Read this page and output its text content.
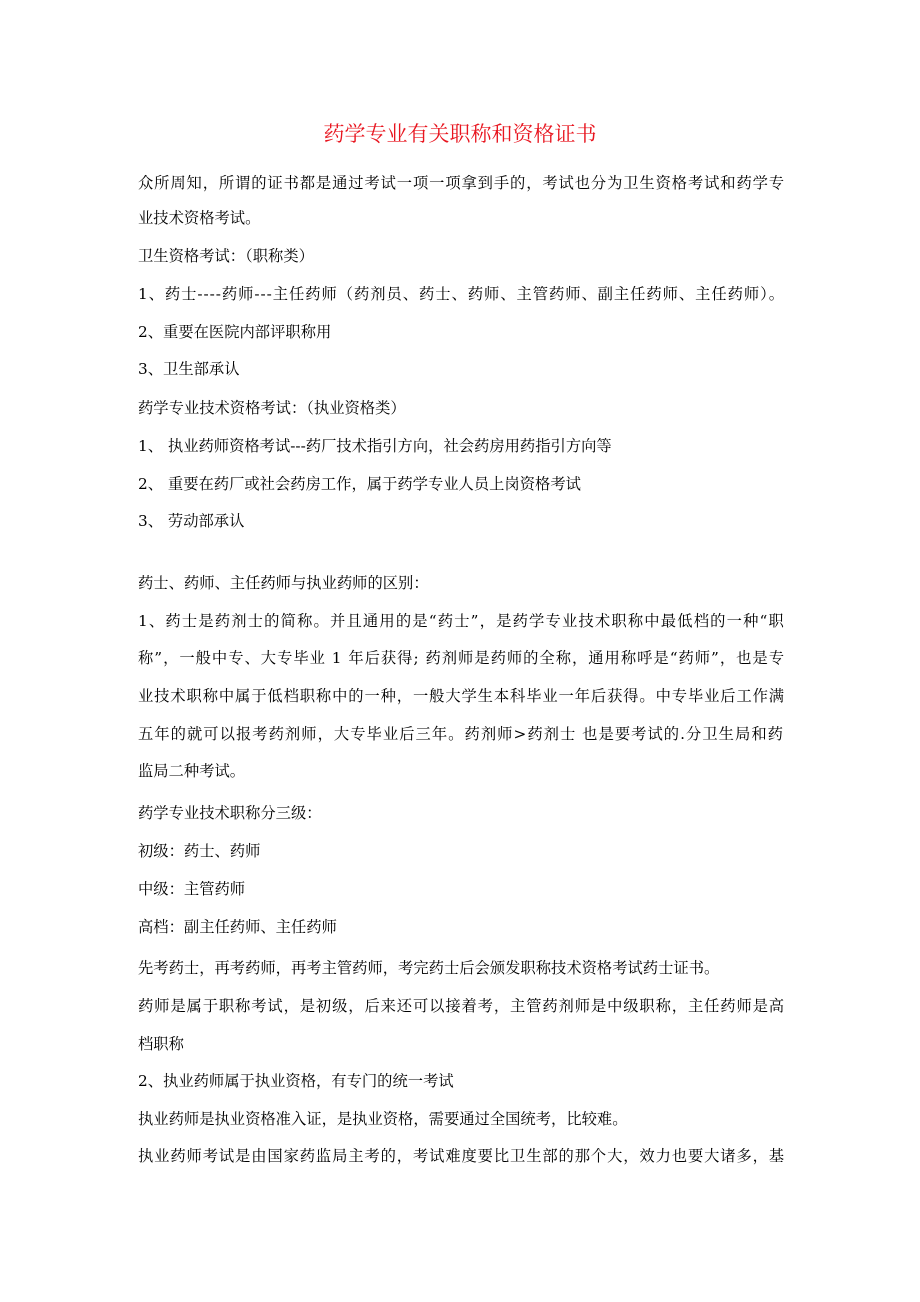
药学专业有关职称和资格证书
众所周知，所谓的证书都是通过考试一项一项拿到手的，考试也分为卫生资格考试和药学专
业技术资格考试。
卫生资格考试：（职称类）
1、药士----药师---主任药师（药剂员、药士、药师、主管药师、副主任药师、主任药师）。
2、重要在医院内部评职称用
3、卫生部承认
药学专业技术资格考试：（执业资格类）
1、 执业药师资格考试---药厂技术指引方向，社会药房用药指引方向等
2、 重要在药厂或社会药房工作，属于药学专业人员上岗资格考试
3、 劳动部承认
药士、药师、主任药师与执业药师的区别：
1、药士是药剂士的简称。并且通用的是“药士”，是药学专业技术职称中最低档的一种“职
称”，一般中专、大专毕业 1 年后获得; 药剂师是药师的全称，通用称呼是“药师”，也是专
业技术职称中属于低档职称中的一种，一般大学生本科毕业一年后获得。中专毕业后工作满
五年的就可以报考药剂师，大专毕业后三年。药剂师>药剂士 也是要考试的.分卫生局和药
监局二种考试。
药学专业技术职称分三级：
初级：药士、药师
中级：主管药师
高档：副主任药师、主任药师
先考药士，再考药师，再考主管药师，考完药士后会颁发职称技术资格考试药士证书。
药师是属于职称考试，是初级，后来还可以接着考，主管药剂师是中级职称，主任药师是高
档职称
2、执业药师属于执业资格，有专门的统一考试
执业药师是执业资格准入证，是执业资格，需要通过全国统考，比较难。
执业药师考试是由国家药监局主考的，考试难度要比卫生部的那个大，效力也要大诸多，基
